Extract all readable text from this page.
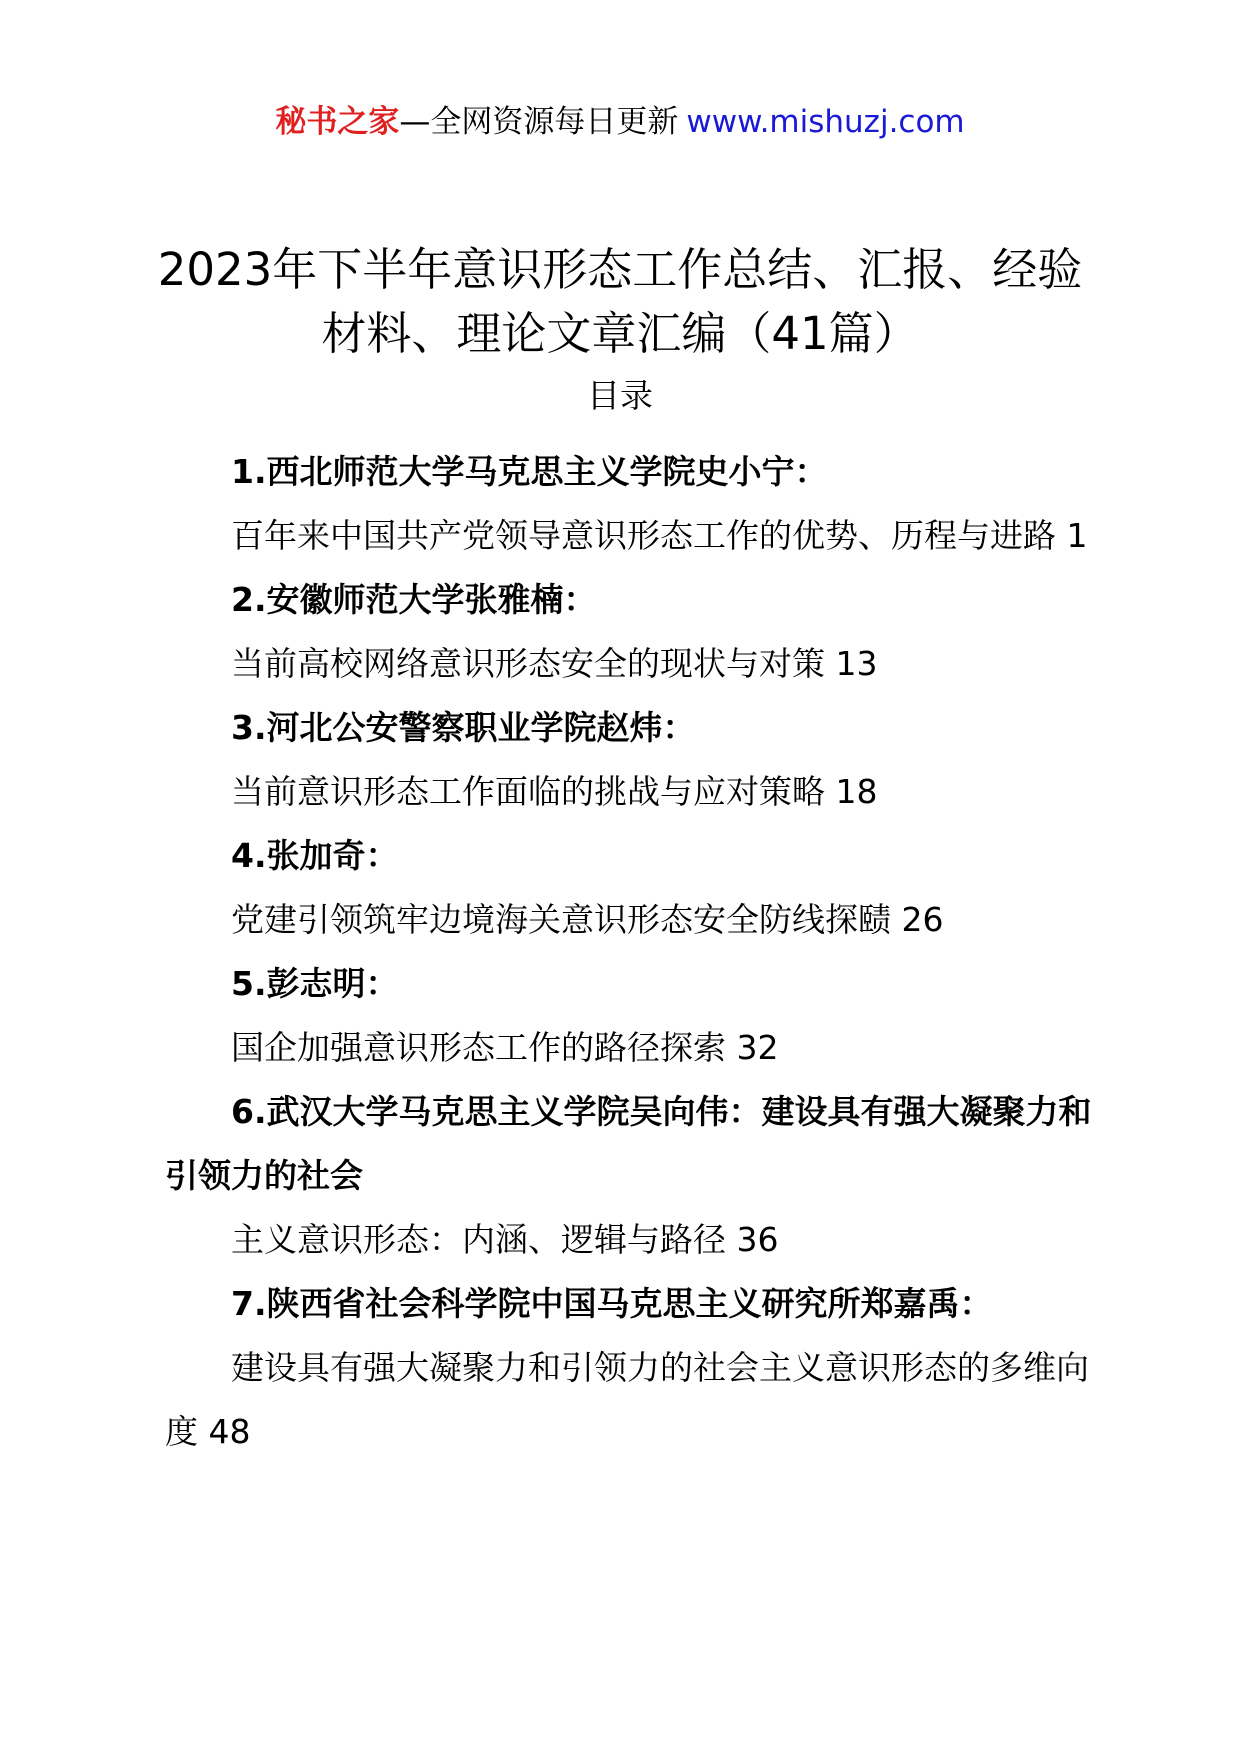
秘书之家—全网资源每日更新 www.mishuzj.com
2023年下半年意识形态工作总结、汇报、经验材料、理论文章汇编（41篇）
目录

1.西北师范大学马克思主义学院史小宁：

百年来中国共产党领导意识形态工作的优势、历程与进路 1

2.安徽师范大学张雅楠：

当前高校网络意识形态安全的现状与对策 13

3.河北公安警察职业学院赵炜：

当前意识形态工作面临的挑战与应对策略 18

4.张加奇：

党建引领筑牢边境海关意识形态安全防线探赜 26

5.彭志明：

国企加强意识形态工作的路径探索 32

6.武汉大学马克思主义学院吴向伟：建设具有强大凝聚力和引领力的社会

主义意识形态：内涵、逻辑与路径 36

7.陕西省社会科学院中国马克思主义研究所郑嘉禹：

建设具有强大凝聚力和引领力的社会主义意识形态的多维向度 48
